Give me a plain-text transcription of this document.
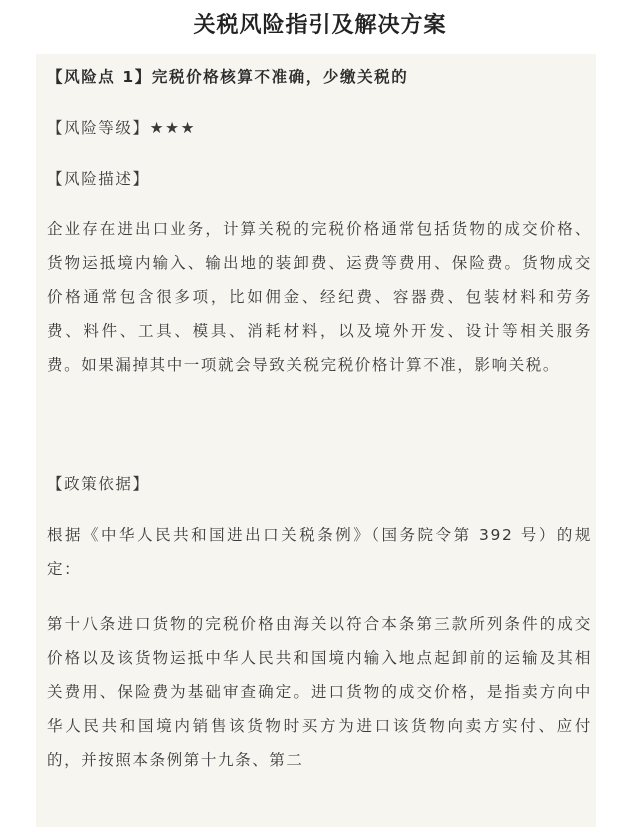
关税风险指引及解决方案

【风险点 1】完税价格核算不准确，少缴关税的

【风险等级】★★★

【风险描述】

企业存在进出口业务，计算关税的完税价格通常包括货物的成交价格、货物运抵境内输入、输出地的装卸费、运费等费用、保险费。货物成交价格通常包含很多项，比如佣金、经纪费、容器费、包装材料和劳务费、料件、工具、模具、消耗材料，以及境外开发、设计等相关服务费。如果漏掉其中一项就会导致关税完税价格计算不准，影响关税。

【政策依据】

根据《中华人民共和国进出口关税条例》（国务院令第 392 号）的规定：

第十八条进口货物的完税价格由海关以符合本条第三款所列条件的成交价格以及该货物运抵中华人民共和国境内输入地点起卸前的运输及其相关费用、保险费为基础审查确定。进口货物的成交价格，是指卖方向中华人民共和国境内销售该货物时买方为进口该货物向卖方实付、应付的，并按照本条例第十九条、第二
